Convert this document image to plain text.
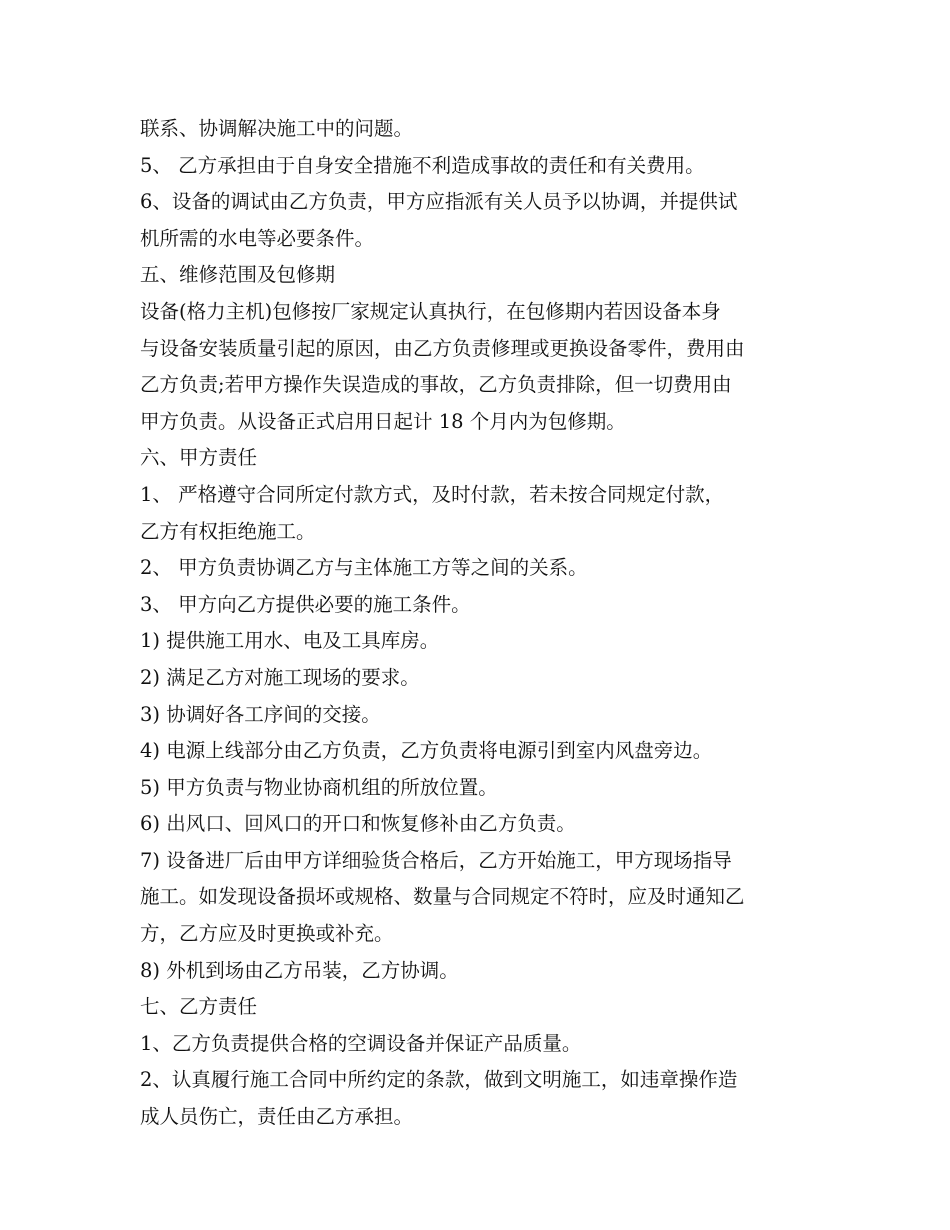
联系、协调解决施工中的问题。

5、 乙方承担由于自身安全措施不利造成事故的责任和有关费用。

6、设备的调试由乙方负责，甲方应指派有关人员予以协调，并提供试

机所需的水电等必要条件。

五、维修范围及包修期

设备(格力主机)包修按厂家规定认真执行，在包修期内若因设备本身

与设备安装质量引起的原因，由乙方负责修理或更换设备零件，费用由

乙方负责;若甲方操作失误造成的事故，乙方负责排除，但一切费用由

甲方负责。从设备正式启用日起计 18 个月内为包修期。

六、甲方责任

1、 严格遵守合同所定付款方式，及时付款，若未按合同规定付款，

乙方有权拒绝施工。

2、 甲方负责协调乙方与主体施工方等之间的关系。

3、 甲方向乙方提供必要的施工条件。

1) 提供施工用水、电及工具库房。

2) 满足乙方对施工现场的要求。

3) 协调好各工序间的交接。

4) 电源上线部分由乙方负责，乙方负责将电源引到室内风盘旁边。

5) 甲方负责与物业协商机组的所放位置。

6) 出风口、回风口的开口和恢复修补由乙方负责。

7) 设备进厂后由甲方详细验货合格后，乙方开始施工，甲方现场指导

施工。如发现设备损坏或规格、数量与合同规定不符时，应及时通知乙

方，乙方应及时更换或补充。

8) 外机到场由乙方吊装，乙方协调。

七、乙方责任

1、乙方负责提供合格的空调设备并保证产品质量。

2、认真履行施工合同中所约定的条款，做到文明施工，如违章操作造

成人员伤亡，责任由乙方承担。
